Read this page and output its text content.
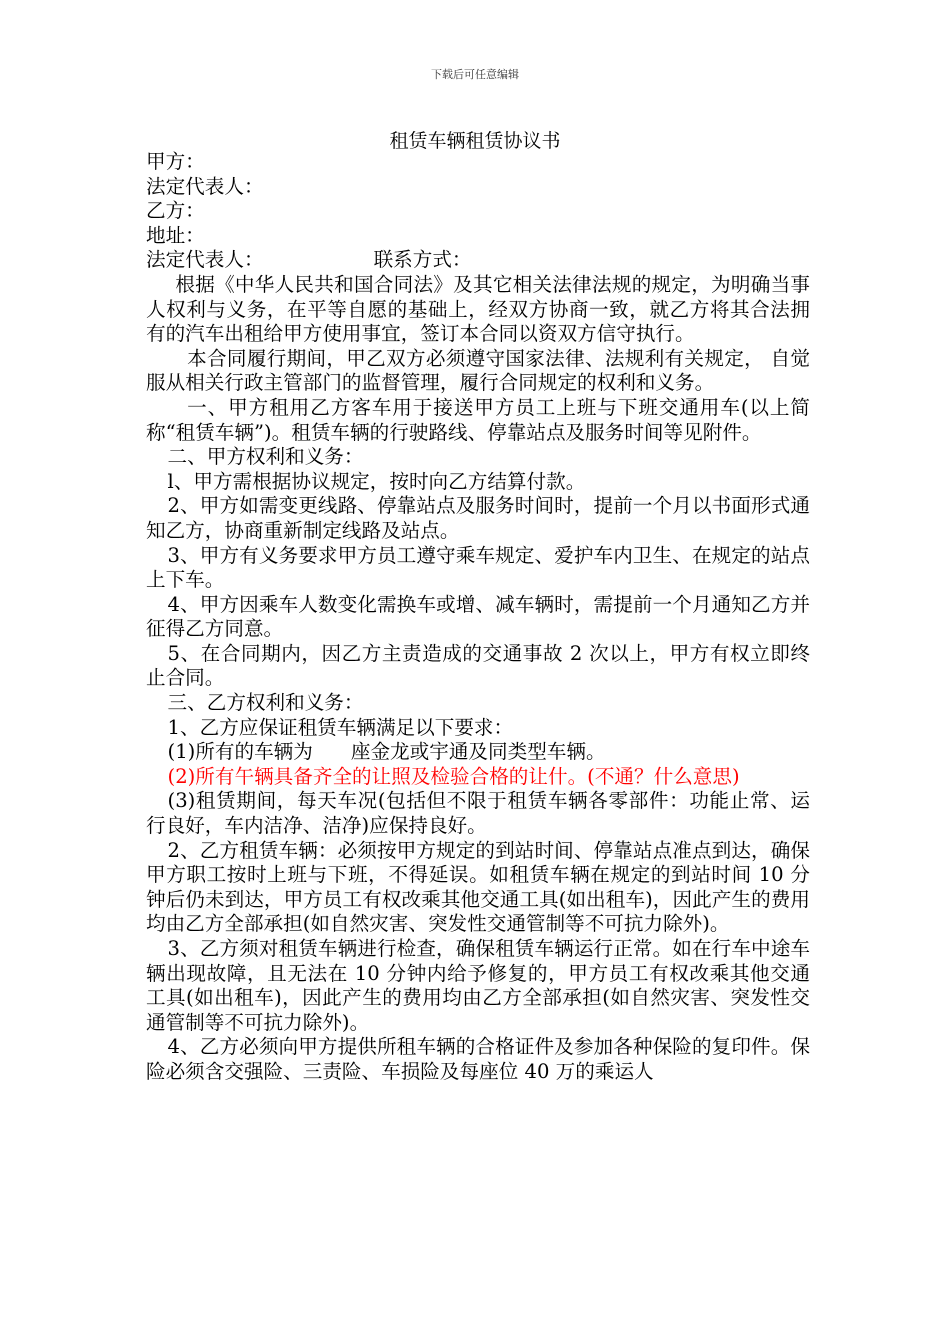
下载后可任意编辑
租赁车辆租赁协议书

甲方：

法定代表人：

乙方：

地址：

法定代表人：	联系方式：

根据《中华人民共和国合同法》及其它相关法律法规的规定，为明确当事人权利与义务，在平等自愿的基础上，经双方协商一致，就乙方将其合法拥有的汽车出租给甲方使用事宜，签订本合同以资双方信守执行。

本合同履行期间，甲乙双方必须遵守国家法律、法规利有关规定， 自觉服从相关行政主管部门的监督管理，履行合同规定的权利和义务。

一、甲方租用乙方客车用于接送甲方员工上班与下班交通用车(以上简称“租赁车辆”)。租赁车辆的行驶路线、停靠站点及服务时间等见附件。

二、甲方权利和义务：

l、甲方需根据协议规定，按时向乙方结算付款。

2、甲方如需变更线路、停靠站点及服务时间时，提前一个月以书面形式通知乙方，协商重新制定线路及站点。

3、甲方有义务要求甲方员工遵守乘车规定、爱护车内卫生、在规定的站点上下车。

4、甲方因乘车人数变化需换车或增、减车辆时，需提前一个月通知乙方并征得乙方同意。

5、在合同期内，因乙方主责造成的交通事故 2 次以上，甲方有权立即终止合同。

三、乙方权利和义务：

1、乙方应保证租赁车辆满足以下要求：

(1)所有的车辆为 座金龙或宇通及同类型车辆。

(2)所有午辆具备齐全的让照及检验合格的让什。(不通？什么意思)

(3)租赁期间，每天车况(包括但不限于租赁车辆各零部件：功能止常、运行良好，车内洁净、洁净)应保持良好。

2、乙方租赁车辆：必须按甲方规定的到站时间、停靠站点准点到达，确保甲方职工按时上班与下班，不得延误。如租赁车辆在规定的到站时间 10 分钟后仍未到达，甲方员工有权改乘其他交通工具(如出租车)，因此产生的费用均由乙方全部承担(如自然灾害、突发性交通管制等不可抗力除外)。

3、乙方须对租赁车辆进行检查，确保租赁车辆运行正常。如在行车中途车辆出现故障，且无法在 10 分钟内给予修复的，甲方员工有权改乘其他交通工具(如出租车)，因此产生的费用均由乙方全部承担(如自然灾害、突发性交通管制等不可抗力除外)。

4、乙方必须向甲方提供所租车辆的合格证件及参加各种保险的复印件。保险必须含交强险、三责险、车损险及每座位 40 万的乘运人
